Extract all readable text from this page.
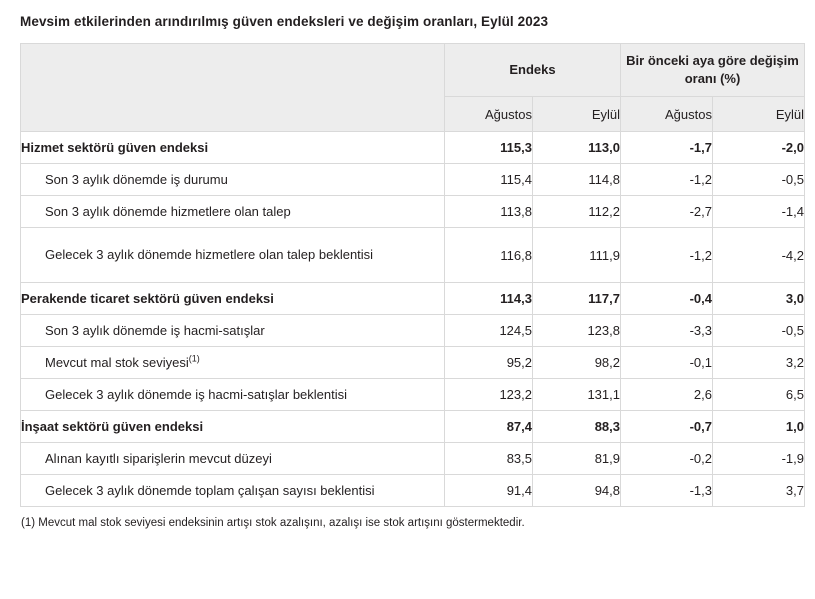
Mevsim etkilerinden arındırılmış güven endeksleri ve değişim oranları, Eylül 2023
	Endeks		Bir önceki aya göre değişim oranı (%)	
	Ağustos	Eylül	Ağustos	Eylül
Hizmet sektörü güven endeksi	115,3	113,0	-1,7	-2,0
Son 3 aylık dönemde iş durumu	115,4	114,8	-1,2	-0,5
Son 3 aylık dönemde hizmetlere olan talep	113,8	112,2	-2,7	-1,4
Gelecek 3 aylık dönemde hizmetlere olan talep beklentisi	116,8	111,9	-1,2	-4,2
Perakende ticaret sektörü güven endeksi	114,3	117,7	-0,4	3,0
Son 3 aylık dönemde iş hacmi-satışlar	124,5	123,8	-3,3	-0,5
Mevcut mal stok seviyesi$^{(1)}$	95,2	98,2	-0,1	3,2
Gelecek 3 aylık dönemde iş hacmi-satışlar beklentisi	123,2	131,1	2,6	6,5
İnşaat sektörü güven endeksi	87,4	88,3	-0,7	1,0
Alınan kayıtlı siparişlerin mevcut düzeyi	83,5	81,9	-0,2	-1,9
Gelecek 3 aylık dönemde toplam çalışan sayısı beklentisi	91,4	94,8	-1,3	3,7
(1) Mevcut mal stok seviyesi endeksinin artışı stok azalışını, azalışı ise stok artışını göstermektedir.
